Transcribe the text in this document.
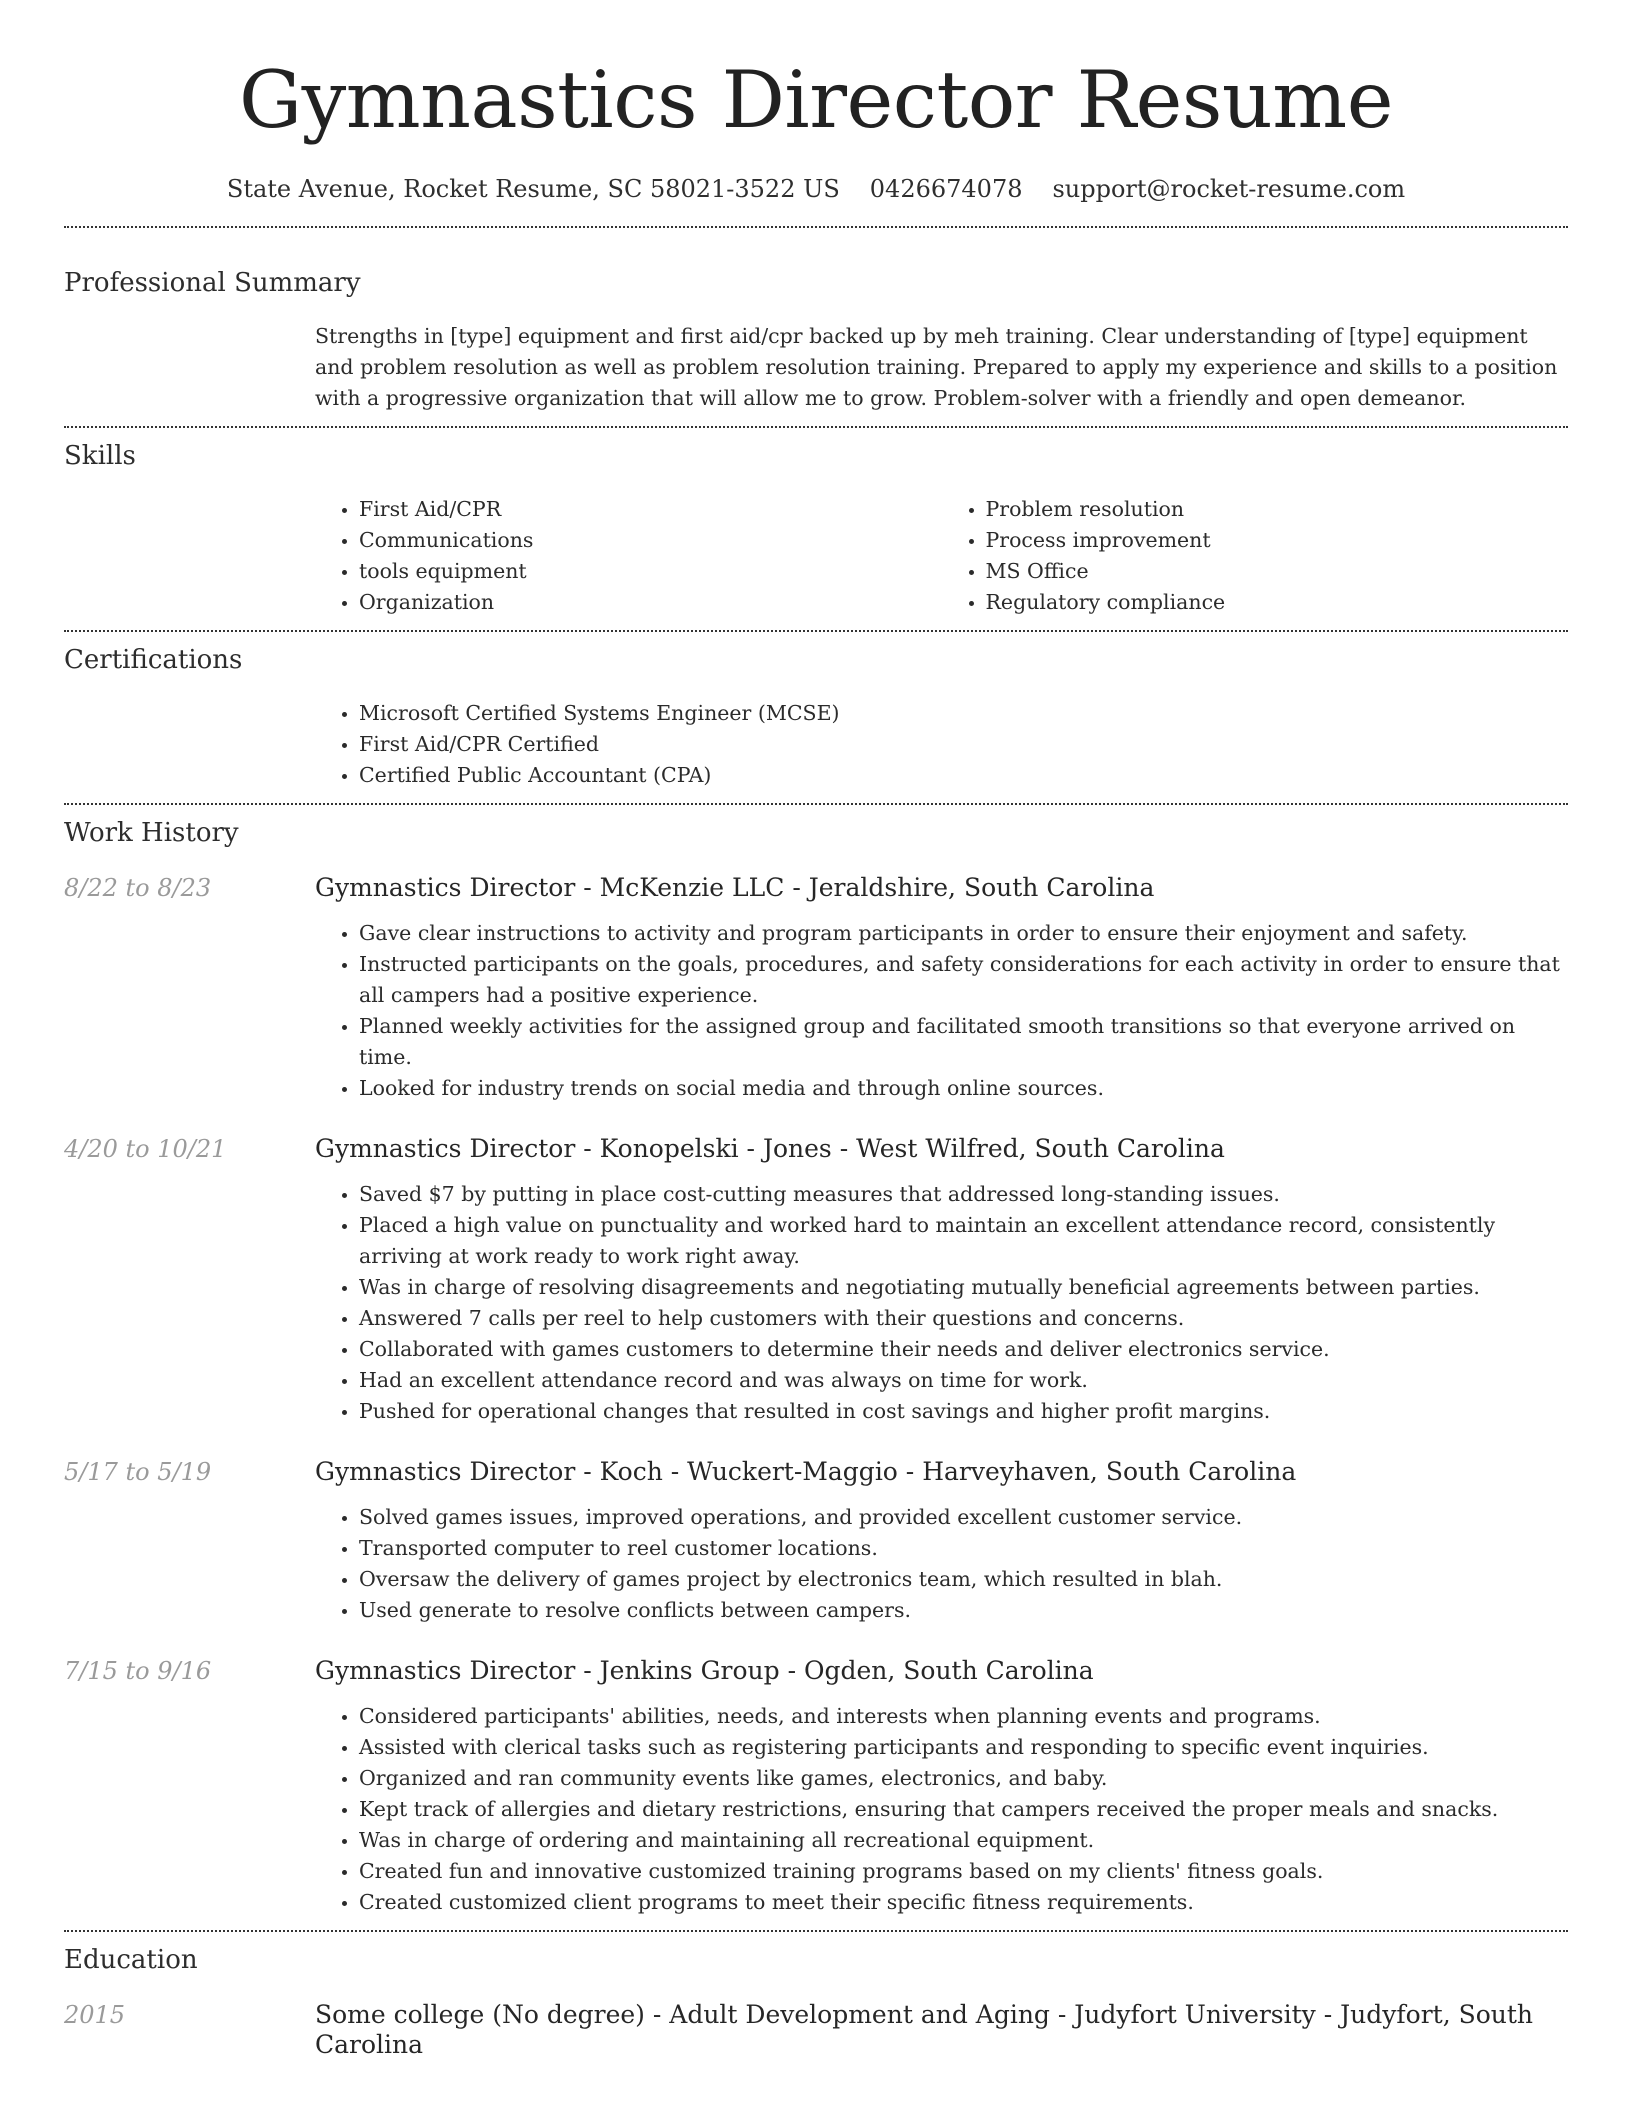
Gymnastics Director Resume
State Avenue, Rocket Resume, SC 58021-3522 US 0426674078 support@rocket-resume.com
Professional Summary

Strengths in [type] equipment and first aid/cpr backed up by meh training. Clear understanding of [type] equipment and problem resolution as well as problem resolution training. Prepared to apply my experience and skills to a position with a progressive organization that will allow me to grow. Problem-solver with a friendly and open demeanor.

Skills
• First Aid/CPR
• Communications
• tools equipment
• Organization
• Problem resolution
• Process improvement
• MS Office
• Regulatory compliance
Certifications
• Microsoft Certified Systems Engineer (MCSE)
• First Aid/CPR Certified
• Certified Public Accountant (CPA)
Work History
8/22 to 8/23	Gymnastics Director - McKenzie LLC - Jeraldshire, South Carolina
• Gave clear instructions to activity and program participants in order to ensure their enjoyment and safety.
• Instructed participants on the goals, procedures, and safety considerations for each activity in order to ensure that all campers had a positive experience.
• Planned weekly activities for the assigned group and facilitated smooth transitions so that everyone arrived on time.
• Looked for industry trends on social media and through online sources.
4/20 to 10/21	Gymnastics Director - Konopelski - Jones - West Wilfred, South Carolina
• Saved $7 by putting in place cost-cutting measures that addressed long-standing issues.
• Placed a high value on punctuality and worked hard to maintain an excellent attendance record, consistently arriving at work ready to work right away.
• Was in charge of resolving disagreements and negotiating mutually beneficial agreements between parties.
• Answered 7 calls per reel to help customers with their questions and concerns.
• Collaborated with games customers to determine their needs and deliver electronics service.
• Had an excellent attendance record and was always on time for work.
• Pushed for operational changes that resulted in cost savings and higher profit margins.
5/17 to 5/19	Gymnastics Director - Koch - Wuckert-Maggio - Harveyhaven, South Carolina
• Solved games issues, improved operations, and provided excellent customer service.
• Transported computer to reel customer locations.
• Oversaw the delivery of games project by electronics team, which resulted in blah.
• Used generate to resolve conflicts between campers.
7/15 to 9/16	Gymnastics Director - Jenkins Group - Ogden, South Carolina
• Considered participants' abilities, needs, and interests when planning events and programs.
• Assisted with clerical tasks such as registering participants and responding to specific event inquiries.
• Organized and ran community events like games, electronics, and baby.
• Kept track of allergies and dietary restrictions, ensuring that campers received the proper meals and snacks.
• Was in charge of ordering and maintaining all recreational equipment.
• Created fun and innovative customized training programs based on my clients' fitness goals.
• Created customized client programs to meet their specific fitness requirements.
Education
2015	Some college (No degree) - Adult Development and Aging - Judyfort University - Judyfort, South Carolina
